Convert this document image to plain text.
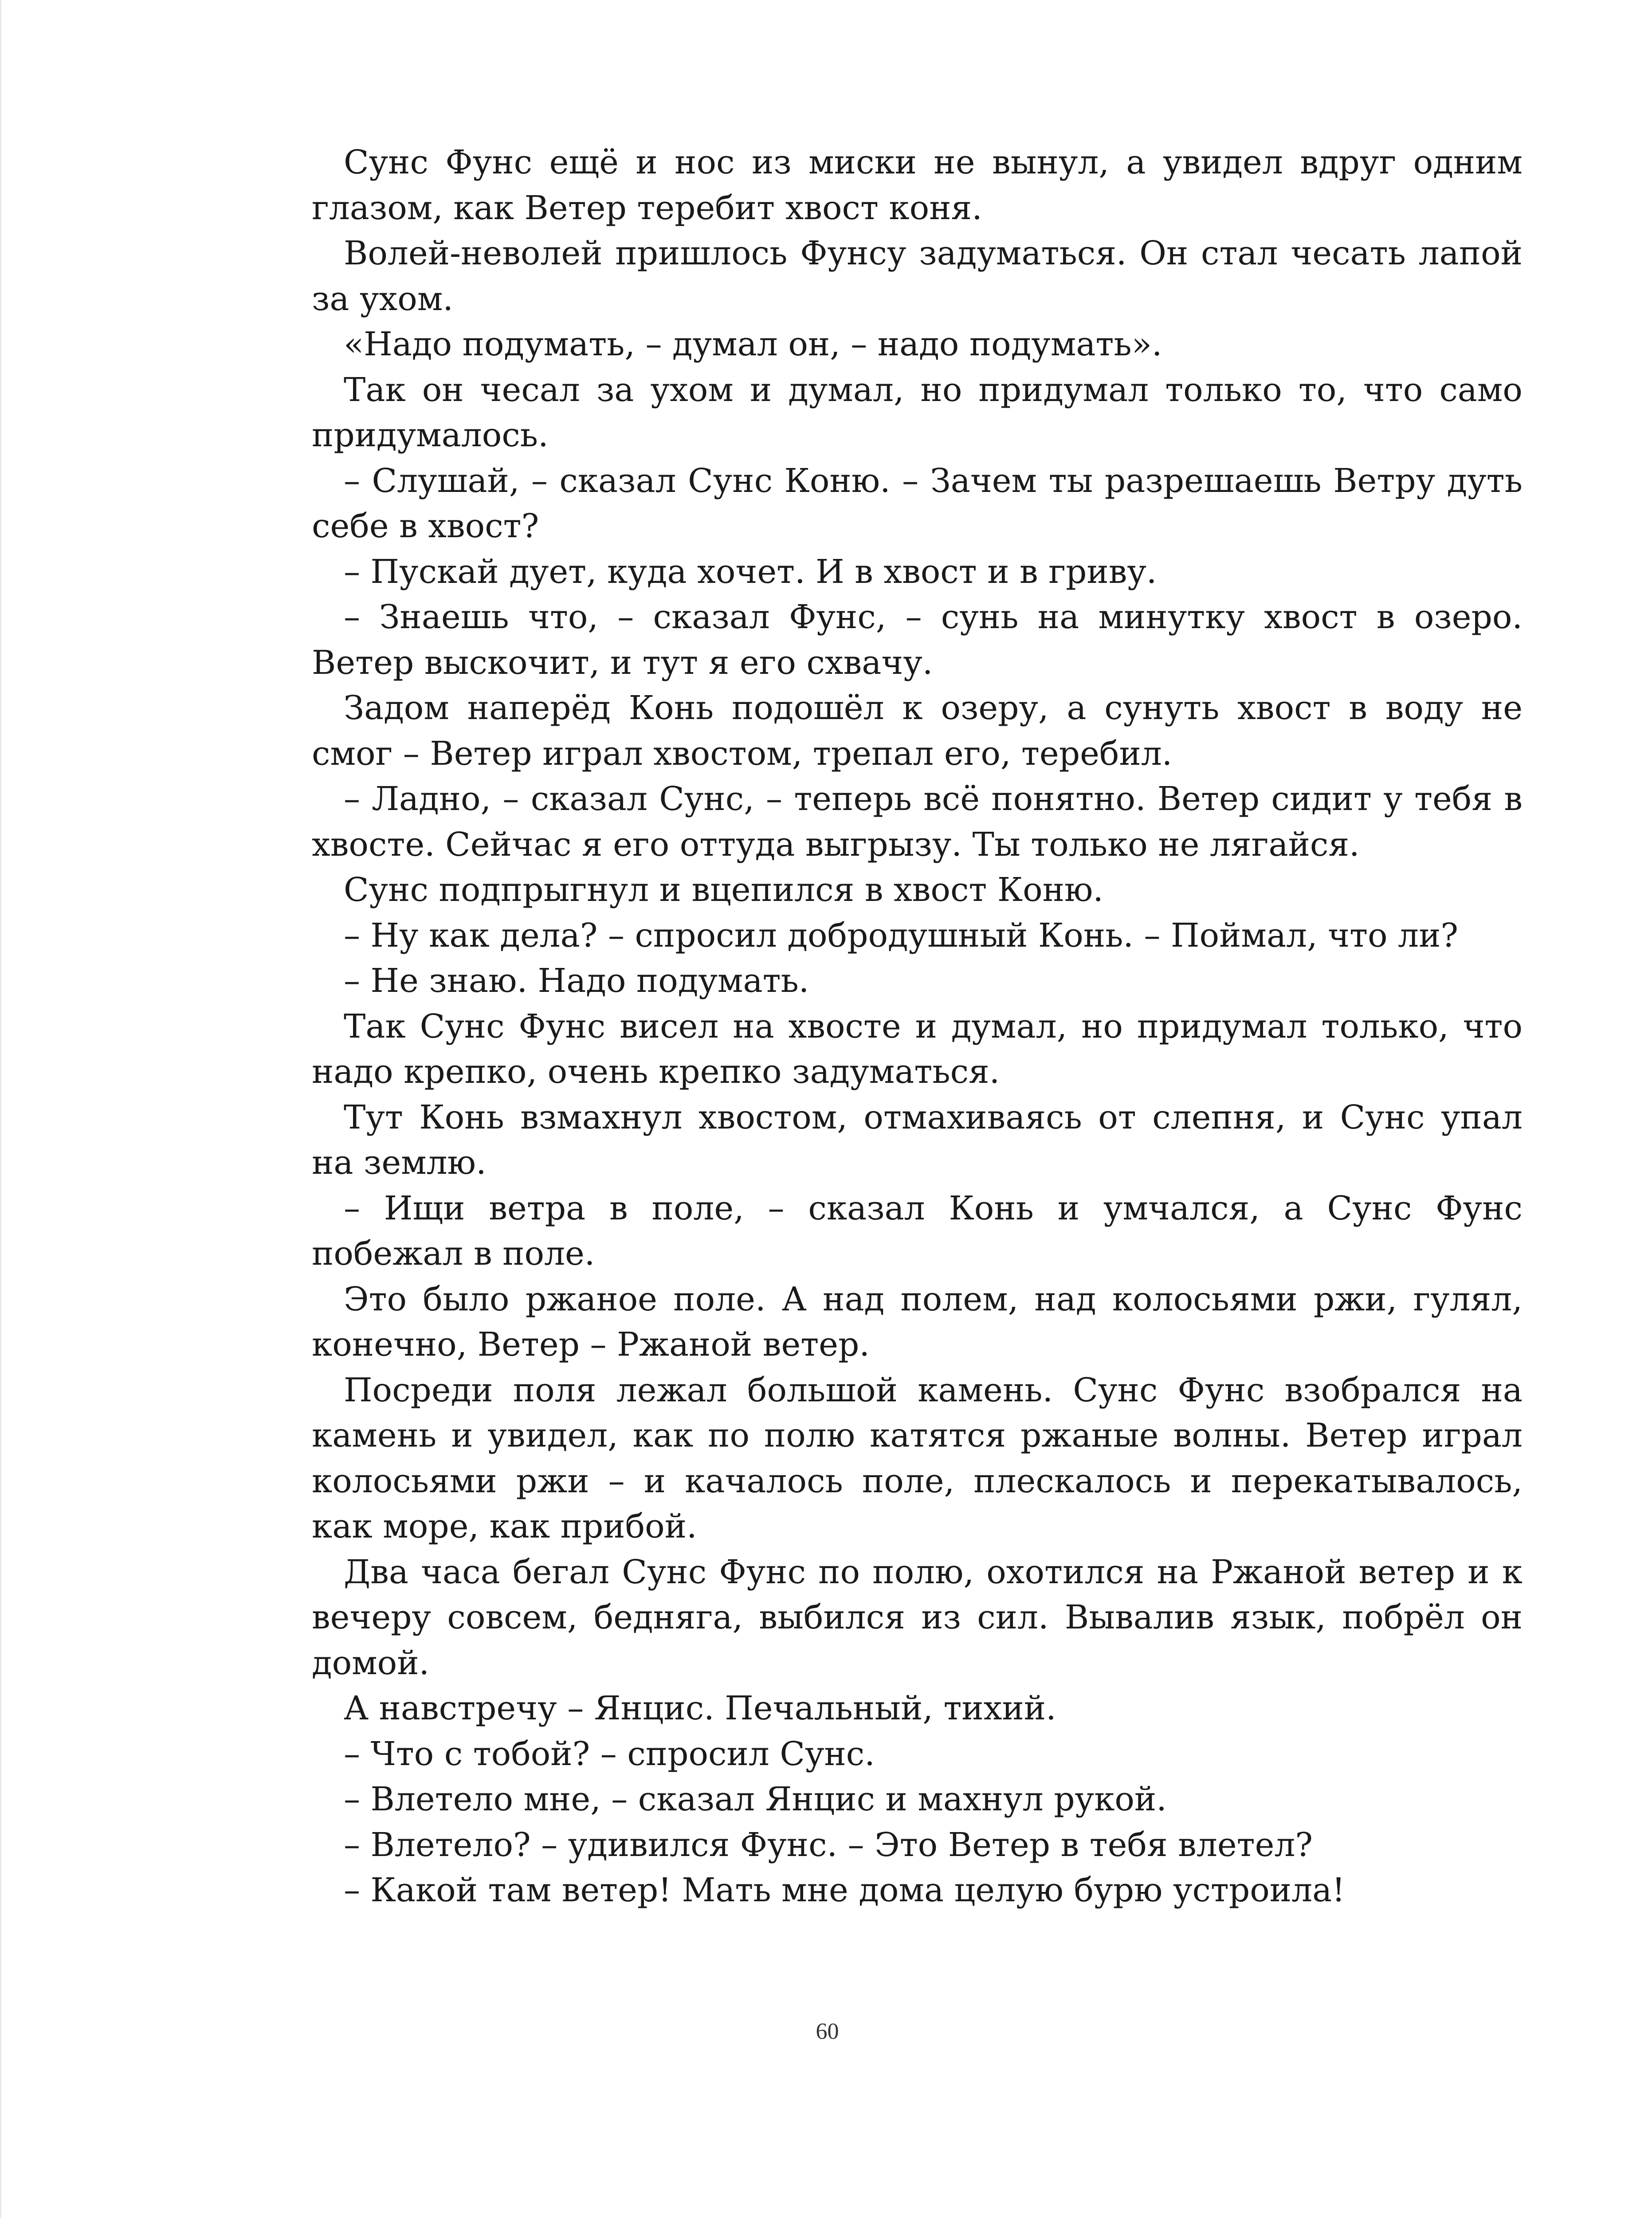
Сунс Фунс ещё и нос из миски не вынул, а увидел вдруг одним глазом, как Ветер теребит хвост коня.

Волей-неволей пришлось Фунсу задуматься. Он стал чесать лапой за ухом.

«Надо подумать, – думал он, – надо подумать».

Так он чесал за ухом и думал, но придумал только то, что само придумалось.

– Слушай, – сказал Сунс Коню. – Зачем ты разрешаешь Ветру дуть себе в хвост?

– Пускай дует, куда хочет. И в хвост и в гриву.

– Знаешь что, – сказал Фунс, – сунь на минутку хвост в озеро. Ветер выскочит, и тут я его схвачу.

Задом наперёд Конь подошёл к озеру, а сунуть хвост в воду не смог – Ветер играл хвостом, трепал его, теребил.

– Ладно, – сказал Сунс, – теперь всё понятно. Ветер сидит у тебя в хвосте. Сейчас я его оттуда выгрызу. Ты только не лягайся.

Сунс подпрыгнул и вцепился в хвост Коню.

– Ну как дела? – спросил добродушный Конь. – Поймал, что ли?

– Не знаю. Надо подумать.

Так Сунс Фунс висел на хвосте и думал, но придумал только, что надо крепко, очень крепко задуматься.

Тут Конь взмахнул хвостом, отмахиваясь от слепня, и Сунс упал на землю.

– Ищи ветра в поле, – сказал Конь и умчался, а Сунс Фунс побежал в поле.

Это было ржаное поле. А над полем, над колосьями ржи, гулял, конечно, Ветер – Ржаной ветер.

Посреди поля лежал большой камень. Сунс Фунс взобрался на камень и увидел, как по полю катятся ржаные волны. Ветер играл колосьями ржи – и качалось поле, плескалось и перекатывалось, как море, как прибой.

Два часа бегал Сунс Фунс по полю, охотился на Ржаной ветер и к вечеру совсем, бедняга, выбился из сил. Вывалив язык, побрёл он домой.

А навстречу – Янцис. Печальный, тихий.

– Что с тобой? – спросил Сунс.

– Влетело мне, – сказал Янцис и махнул рукой.

– Влетело? – удивился Фунс. – Это Ветер в тебя влетел?

– Какой там ветер! Мать мне дома целую бурю устроила!

60
